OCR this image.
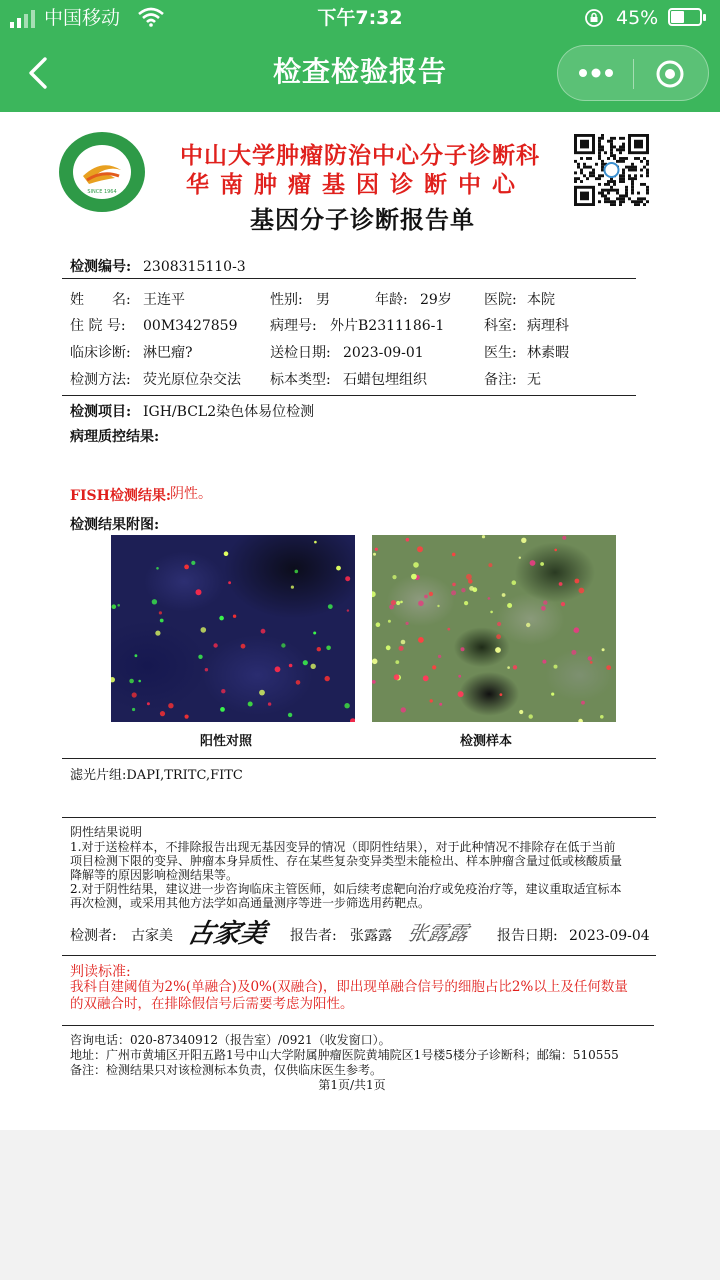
中国移动	下午7:32	45%
检查检验报告
SINCE 1964
中山大学肿瘤防治中心分子诊断科
华南肿瘤基因诊断中心
基因分子诊断报告单
检测编号: 2308315110-3
姓　　名: 王连平	性别: 男	年龄: 29岁 医院: 本院
住 院 号: 00M3427859 病理号: 外片B2311186-1	科室: 病理科
临床诊断: 淋巴瘤?	送检日期: 2023-09-01	医生: 林素暇
检测方法: 荧光原位杂交法 标本类型: 石蜡包埋组织	备注: 无
检测项目: IGH/BCL2染色体易位检测
病理质控结果:
FISH检测结果: 阴性。
检测结果附图:
阳性对照	检测样本
滤光片组:DAPI,TRITC,FITC
阴性结果说明
1.对于送检样本，不排除报告出现无基因变异的情况（即阴性结果），对于此种情况不排除存在低于当前
项目检测下限的变异、肿瘤本身异质性、存在某些复杂变异类型未能检出、样本肿瘤含量过低或核酸质量
降解等的原因影响检测结果等。
2.对于阴性结果，建议进一步咨询临床主管医师，如后续考虑靶向治疗或免疫治疗等，建议重取适宜标本
再次检测，或采用其他方法学如高通量测序等进一步筛选用药靶点。
检测者: 古家美 古家美 报告者: 张露露 张露露 报告日期: 2023-09-04
判读标准:
我科自建阈值为2%(单融合)及0%(双融合)，即出现单融合信号的细胞占比2%以上及任何数量
的双融合时，在排除假信号后需要考虑为阳性。
咨询电话：020-87340912（报告室）/0921（收发窗口）。
地址：广州市黄埔区开阳五路1号中山大学附属肿瘤医院黄埔院区1号楼5楼分子诊断科；邮编：510555
备注：检测结果只对该检测标本负责，仅供临床医生参考。
第1页/共1页
